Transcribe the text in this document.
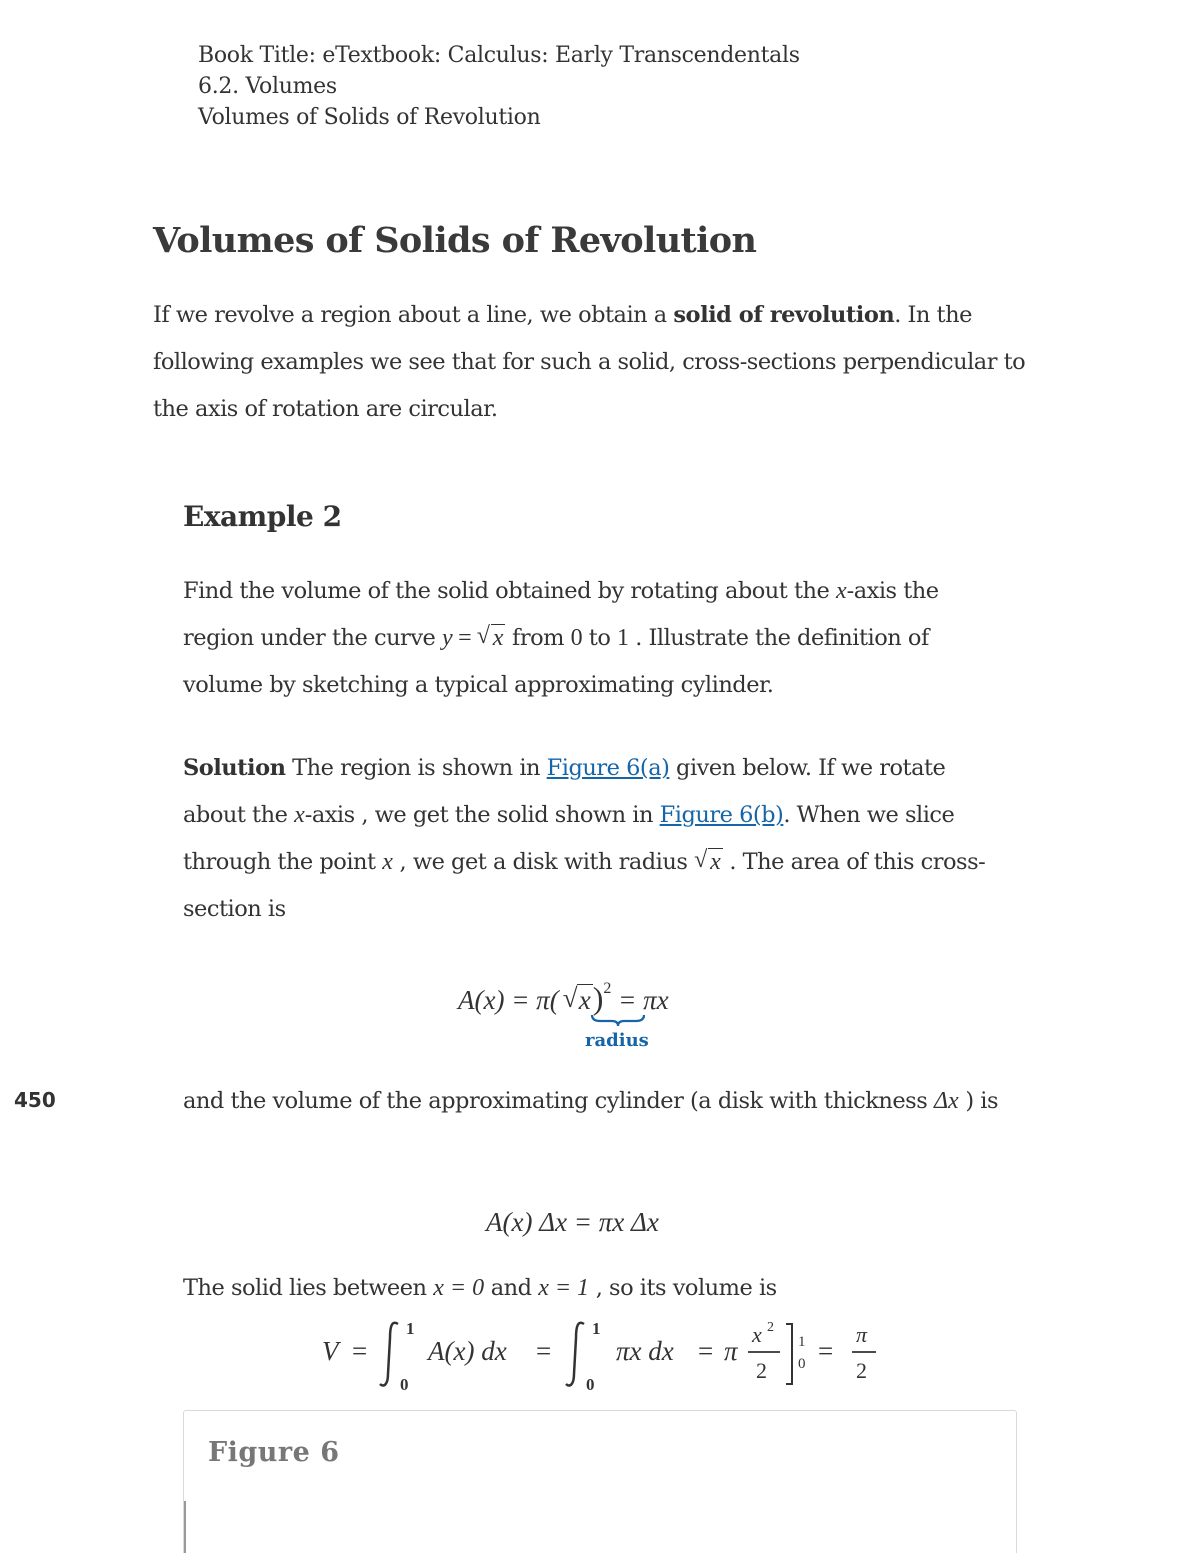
Book Title: eTextbook: Calculus: Early Transcendentals
6.2. Volumes
Volumes of Solids of Revolution
Volumes of Solids of Revolution
If we revolve a region about a line, we obtain a solid of revolution. In the following examples we see that for such a solid, cross-sections perpendicular to the axis of rotation are circular.
Example 2
Find the volume of the solid obtained by rotating about the x-axis the region under the curve y = √ x from 0 to 1 . Illustrate the definition of volume by sketching a typical approximating cylinder.
Solution The region is shown in Figure 6(a) given below. If we rotate about the x-axis , we get the solid shown in Figure 6(b). When we slice through the point x , we get a disk with radius √ x . The area of this cross-section is
A(x) = π( √ x)$^2$ = πx
radius
450	and the volume of the approximating cylinder (a disk with thickness Δx ) is
A(x) Δx = πx Δx
The solid lies between x = 0 and x = 1 , so its volume is
V =
1
0
A(x) dx =
1
0
πx dx = π
x 2
2
1
0 =
π
2
Figure 6
